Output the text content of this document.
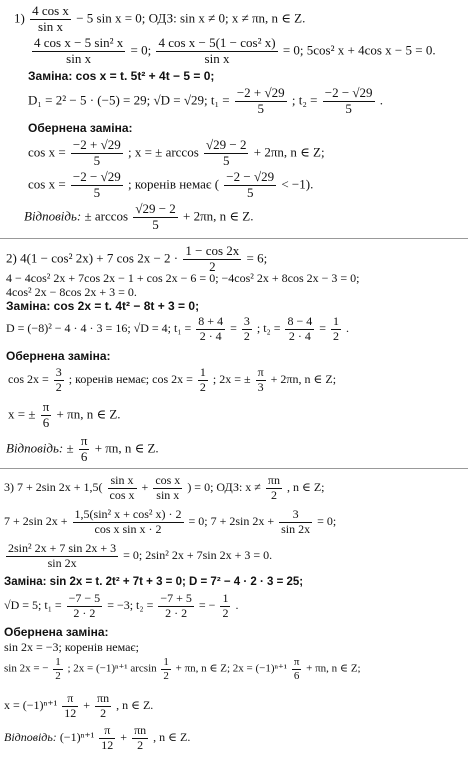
$1) \frac{\text{4 cos x}}{\text{sin x}} - 5$ sin x = 0; ОДЗ: sin x ≠ 0; x ≠ πn, n ∈ Z.
$\frac{\text{4 cos x − 5 sin² x}}{\text{sin x}} = 0$; $\frac{\text{4 cos x − 5(1 − cos² x)}}{\text{sin x}} = 0$; 5cos² x + 4cos x − 5 = 0.
Заміна: cos x = t. 5t² + 4t − 5 = 0;
D₁ = 2² − 5 · (−5) = 29; √D = √29; $t_1 = \frac{-2 + √29}{5}$ ; $t_2 = \frac{-2 - √29}{5}$ .
Обернена заміна:
$\cos x = \frac{-2 + √29}{5}$ ; x = ± $\arccos \frac{√29 - 2}{5} + 2\pi n$, n ∈ Z;
$\cos x = \frac{-2 - √29}{5}$ ; коренів немає ( $\frac{-2 - √29}{5} < -1$).
Відповідь: ± $\arccos \frac{√29 - 2}{5} + 2\pi n$, n ∈ Z.
2) 4(1 − cos² 2x) + 7 $\cos 2x - 2 \cdot \frac{1 - \cos 2x}{2} = 6$;
4 − 4cos² 2x + 7cos 2x − 1 + cos 2x − 6 = 0; −4cos² 2x + 8cos 2x − 3 = 0;
4cos² 2x − 8cos 2x + 3 = 0.
Заміна: cos 2x = t. 4t² − 8t + 3 = 0;
D = (−8)² − 4 · 4 · 3 = 16; √D = 4; $t_1 = \frac{8 + 4}{2 \cdot 4} = \frac{3}{2}$ ; $t_2 = \frac{8 - 4}{2 \cdot 4} = \frac{1}{2}$ .
Обернена заміна:
$\cos 2x = \frac{3}{2}$ ; коренів немає; $\cos 2x = \frac{1}{2}$ ; 2x = ± $\frac{\pi}{3} + 2\pi n$, n ∈ Z;
x = ± $\frac{\pi}{6} + \pi n$, n ∈ Z.
Відповідь: ± $\frac{\pi}{6} + \pi n$, n ∈ Z.
3) 7 + 2sin $2x + 1,5( \frac{\text{sin x}}{\text{cos x}} + \frac{\text{cos x}}{\text{sin x}}$ ) = 0; ОДЗ: $x \ne \frac{\pi n}{2}$ , n ∈ Z;
7 + 2sin $2x + \frac{\text{1,5(sin² x + cos² x) · 2}}{\text{cos x sin x · 2}} = 0$; 7 + 2sin $2x + \frac{3}{\sin 2x} = 0$;
$\frac{\text{2sin² 2x + 7 sin 2x + 3}}{\sin 2x} = 0$; 2sin² 2x + 7sin 2x + 3 = 0.
Заміна: sin 2x = t. 2t² + 7t + 3 = 0; D = 7² − 4 · 2 · 3 = 25;
√D = 5; $t_1 = \frac{-7 - 5}{2 \cdot 2} = -3$; $t_2 = \frac{-7 + 5}{2 \cdot 2}$ = − $\frac{1}{2}$ .
Обернена заміна:
sin 2x = −3; коренів немає;
sin 2x = − $\frac{1}{2}$ ; 2x = (−1)ⁿ⁺¹ $\arcsin \frac{1}{2} + \pi n$, n ∈ Z; $2x = (-1)^{n+1} \frac{\pi}{6} + \pi n$, n ∈ Z;
$x = (-1)^{n+1} \frac{\pi}{12} + \frac{\pi n}{2}$ , n ∈ Z.
Відповідь: $(-1)^{n+1} \frac{\pi}{12} + \frac{\pi n}{2}$ , n ∈ Z.
